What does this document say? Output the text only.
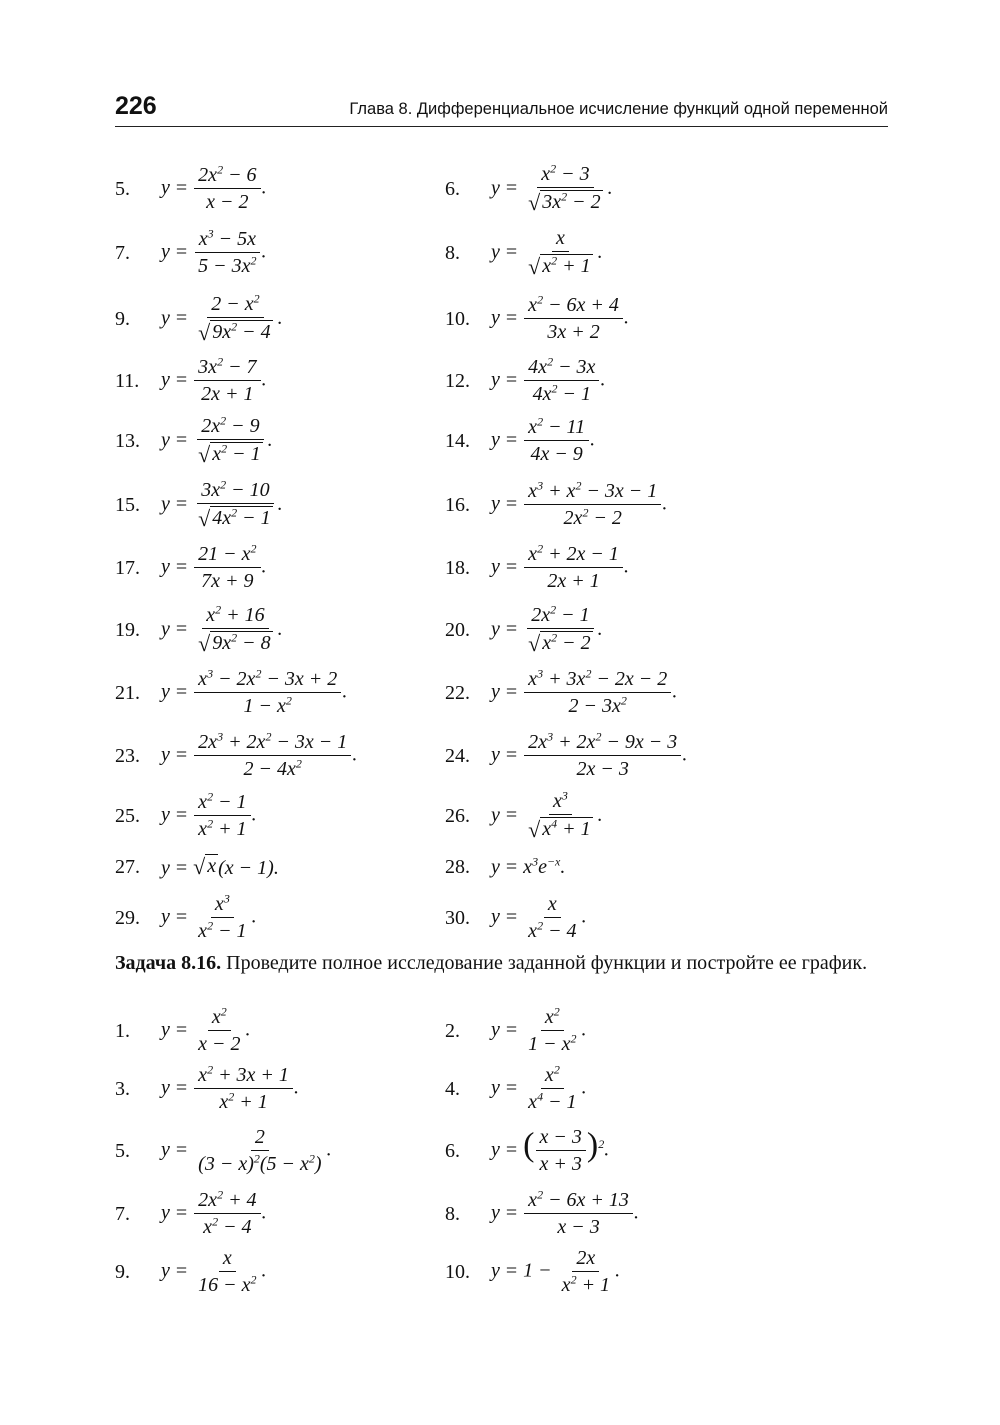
226	Глава 8. Дифференциальное исчисление функций одной переменной
5.	$y = \frac{2x^2 - 6}{x - 2}$ .	6.	$y = \frac{x^2 - 3}{√ 3x^2 - 2}$ .
7.	$y = \frac{x^3 - 5x}{5 - 3x^2}$ .	8.	$y = \frac{x}{√ x^2 + 1}$ .
9.	$y = \frac{2 - x^2}{√ 9x^2 - 4}$ .	10.	$y = \frac{x^2 - 6x + 4}{3x + 2}$ .
11.	$y = \frac{3x^2 - 7}{2x + 1}$ .	12.	$y = \frac{4x^2 - 3x}{4x^2 - 1}$ .
13.	$y = \frac{2x^2 - 9}{√ x^2 - 1}$ .	14.	$y = \frac{x^2 - 11}{4x - 9}$ .
15.	$y = \frac{3x^2 - 10}{√ 4x^2 - 1}$ .	16.	$y = \frac{x^3 + x^2 - 3x - 1}{2x^2 - 2}$ .
17.	$y = \frac{21 - x^2}{7x + 9}$ .	18.	$y = \frac{x^2 + 2x - 1}{2x + 1}$ .
19.	$y = \frac{x^2 + 16}{√ 9x^2 - 8}$ .	20.	$y = \frac{2x^2 - 1}{√ x^2 - 2}$ .
21.	$y = \frac{x^3 - 2x^2 - 3x + 2}{1 - x^2}$ .	22.	$y = \frac{x^3 + 3x^2 - 2x - 2}{2 - 3x^2}$ .
23.	$y = \frac{2x^3 + 2x^2 - 3x - 1}{2 - 4x^2}$ .	24.	$y = \frac{2x^3 + 2x^2 - 9x - 3}{2x - 3}$ .
25.	$y = \frac{x^2 - 1}{x^2 + 1}$ .	26.	$y = \frac{x^3}{√ x^4 + 1}$ .
27.	y = √ x (x − 1).	28.	$y = x^3e^{-x}$.
29.	$y = \frac{x^3}{x^2 - 1}$ .	30.	$y = \frac{x}{x^2 - 4}$ .
Задача 8.16. Проведите полное исследование заданной функции и постройте ее график.
1.	$y = \frac{x^2}{x - 2}$ .	2.	$y = \frac{x^2}{1 - x^2}$ .
3.	$y = \frac{x^2 + 3x + 1}{x^2 + 1}$ .	4.	$y = \frac{x^2}{x^4 - 1}$ .
5.	$y = \frac{2}{(3 - x)^2(5 - x^2)}$ .	6.	y = ( $\frac{x - 3}{x + 3} )^2$.
7.	$y = \frac{2x^2 + 4}{x^2 - 4}$ .	8.	$y = \frac{x^2 - 6x + 13}{x - 3}$ .
9.	$y = \frac{x}{16 - x^2}$ .	10.	$y = 1 - \frac{2x}{x^2 + 1}$ .
